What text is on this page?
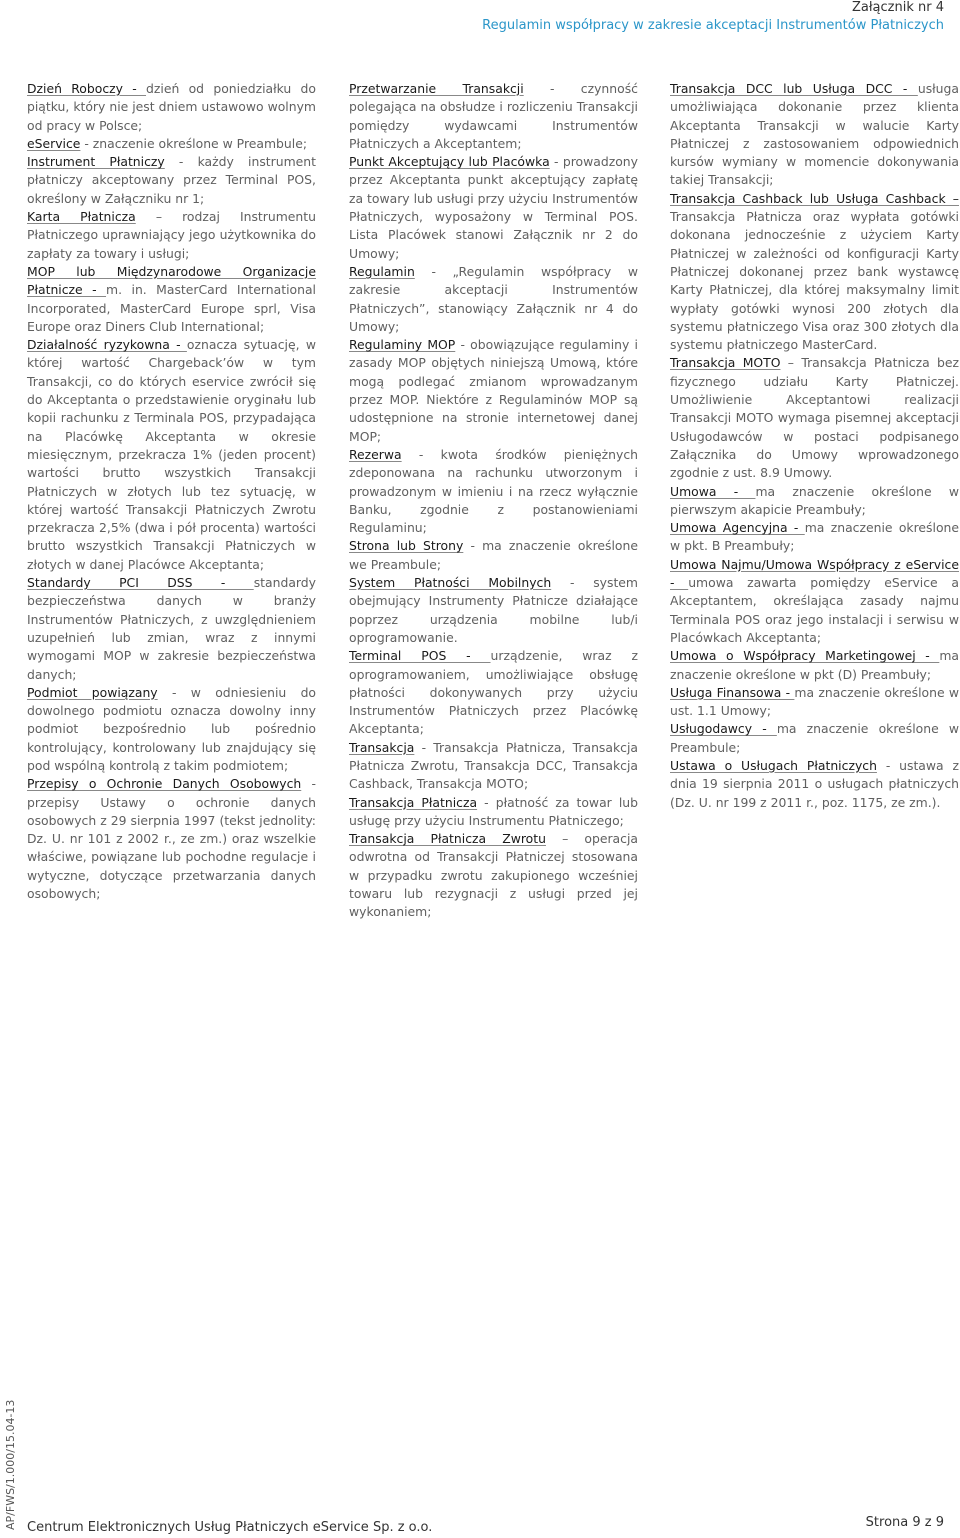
Załącznik nr 4
Regulamin współpracy w zakresie akceptacji Instrumentów Płatniczych

Dzień Roboczy - dzień od poniedziałku do piątku, który nie jest dniem ustawowo wolnym od pracy w Polsce;

eService - znaczenie określone w Preambule;

Instrument Płatniczy - każdy instrument płatniczy akceptowany przez Terminal POS, określony w Załączniku nr 1;

Karta Płatnicza – rodzaj Instrumentu Płatniczego uprawniający jego użytkownika do zapłaty za towary i usługi;

MOP lub Międzynarodowe Organizacje Płatnicze - m. in. MasterCard International Incorporated, MasterCard Europe sprl, Visa Europe oraz Diners Club International;

Działalność ryzykowna - oznacza sytuację, w której wartość Chargeback’ów w tym Transakcji, co do których eservice zwrócił się do Akceptanta o przedstawienie oryginału lub kopii rachunku z Terminala POS, przypadająca na Placówkę Akceptanta w okresie miesięcznym, przekracza 1% (jeden procent) wartości brutto wszystkich Transakcji Płatniczych w złotych lub tez sytuację, w której wartość Transakcji Płatniczych Zwrotu przekracza 2,5% (dwa i pół procenta) wartości brutto wszystkich Transakcji Płatniczych w złotych w danej Placówce Akceptanta;

Standardy PCI DSS - standardy bezpieczeństwa danych w branży Instrumentów Płatniczych, z uwzględnieniem uzupełnień lub zmian, wraz z innymi wymogami MOP w zakresie bezpieczeństwa danych;

Podmiot powiązany - w odniesieniu do dowolnego podmiotu oznacza dowolny inny podmiot bezpośrednio lub pośrednio kontrolujący, kontrolowany lub znajdujący się pod wspólną kontrolą z takim podmiotem;

Przepisy o Ochronie Danych Osobowych - przepisy Ustawy o ochronie danych osobowych z 29 sierpnia 1997 (tekst jednolity: Dz. U. nr 101 z 2002 r., ze zm.) oraz wszelkie właściwe, powiązane lub pochodne regulacje i wytyczne, dotyczące przetwarzania danych osobowych;

Przetwarzanie Transakcji - czynność polegająca na obsłudze i rozliczeniu Transakcji pomiędzy wydawcami Instrumentów Płatniczych a Akceptantem;

Punkt Akceptujący lub Placówka - prowadzony przez Akceptanta punkt akceptujący zapłatę za towary lub usługi przy użyciu Instrumentów Płatniczych, wyposażony w Terminal POS. Lista Placówek stanowi Załącznik nr 2 do Umowy;

Regulamin - „Regulamin współpracy w zakresie akceptacji Instrumentów Płatniczych”, stanowiący Załącznik nr 4 do Umowy;

Regulaminy MOP - obowiązujące regulaminy i zasady MOP objętych niniejszą Umową, które mogą podlegać zmianom wprowadzanym przez MOP. Niektóre z Regulaminów MOP są udostępnione na stronie internetowej danej MOP;

Rezerwa - kwota środków pieniężnych zdeponowana na rachunku utworzonym i prowadzonym w imieniu i na rzecz wyłącznie Banku, zgodnie z postanowieniami Regulaminu;

Strona lub Strony - ma znaczenie określone we Preambule;

System Płatności Mobilnych - system obejmujący Instrumenty Płatnicze działające poprzez urządzenia mobilne lub/i oprogramowanie.

Terminal POS - urządzenie, wraz z oprogramowaniem, umożliwiające obsługę płatności dokonywanych przy użyciu Instrumentów Płatniczych przez Placówkę Akceptanta;

Transakcja - Transakcja Płatnicza, Transakcja Płatnicza Zwrotu, Transakcja DCC, Transakcja Cashback, Transakcja MOTO;

Transakcja Płatnicza - płatność za towar lub usługę przy użyciu Instrumentu Płatniczego;

Transakcja Płatnicza Zwrotu – operacja odwrotna od Transakcji Płatniczej stosowana w przypadku zwrotu zakupionego wcześniej towaru lub rezygnacji z usługi przed jej wykonaniem;

Transakcja DCC lub Usługa DCC - usługa umożliwiająca dokonanie przez klienta Akceptanta Transakcji w walucie Karty Płatniczej z zastosowaniem odpowiednich kursów wymiany w momencie dokonywania takiej Transakcji;

Transakcja Cashback lub Usługa Cashback – Transakcja Płatnicza oraz wypłata gotówki dokonana jednocześnie z użyciem Karty Płatniczej w zależności od konfiguracji Karty Płatniczej dokonanej przez bank wystawcę Karty Płatniczej, dla której maksymalny limit wypłaty gotówki wynosi 200 złotych dla systemu płatniczego Visa oraz 300 złotych dla systemu płatniczego MasterCard.

Transakcja MOTO – Transakcja Płatnicza bez fizycznego udziału Karty Płatniczej. Umożliwienie Akceptantowi realizacji Transakcji MOTO wymaga pisemnej akceptacji Usługodawców w postaci podpisanego Załącznika do Umowy wprowadzonego zgodnie z ust. 8.9 Umowy.

Umowa - ma znaczenie określone w pierwszym akapicie Preambuły;

Umowa Agencyjna - ma znaczenie określone w pkt. B Preambuły;

Umowa Najmu/Umowa Współpracy z eService - umowa zawarta pomiędzy eService a Akceptantem, określająca zasady najmu Terminala POS oraz jego instalacji i serwisu w Placówkach Akceptanta;

Umowa o Współpracy Marketingowej - ma znaczenie określone w pkt (D) Preambuły;

Usługa Finansowa - ma znaczenie określone w ust. 1.1 Umowy;

Usługodawcy - ma znaczenie określone w Preambule;

Ustawa o Usługach Płatniczych - ustawa z dnia 19 sierpnia 2011 o usługach płatniczych (Dz. U. nr 199 z 2011 r., poz. 1175, ze zm.).

AP/FWS/1.000/15.04-13 Centrum Elektronicznych Usług Płatniczych eService Sp. z o.o.	Strona 9 z 9
